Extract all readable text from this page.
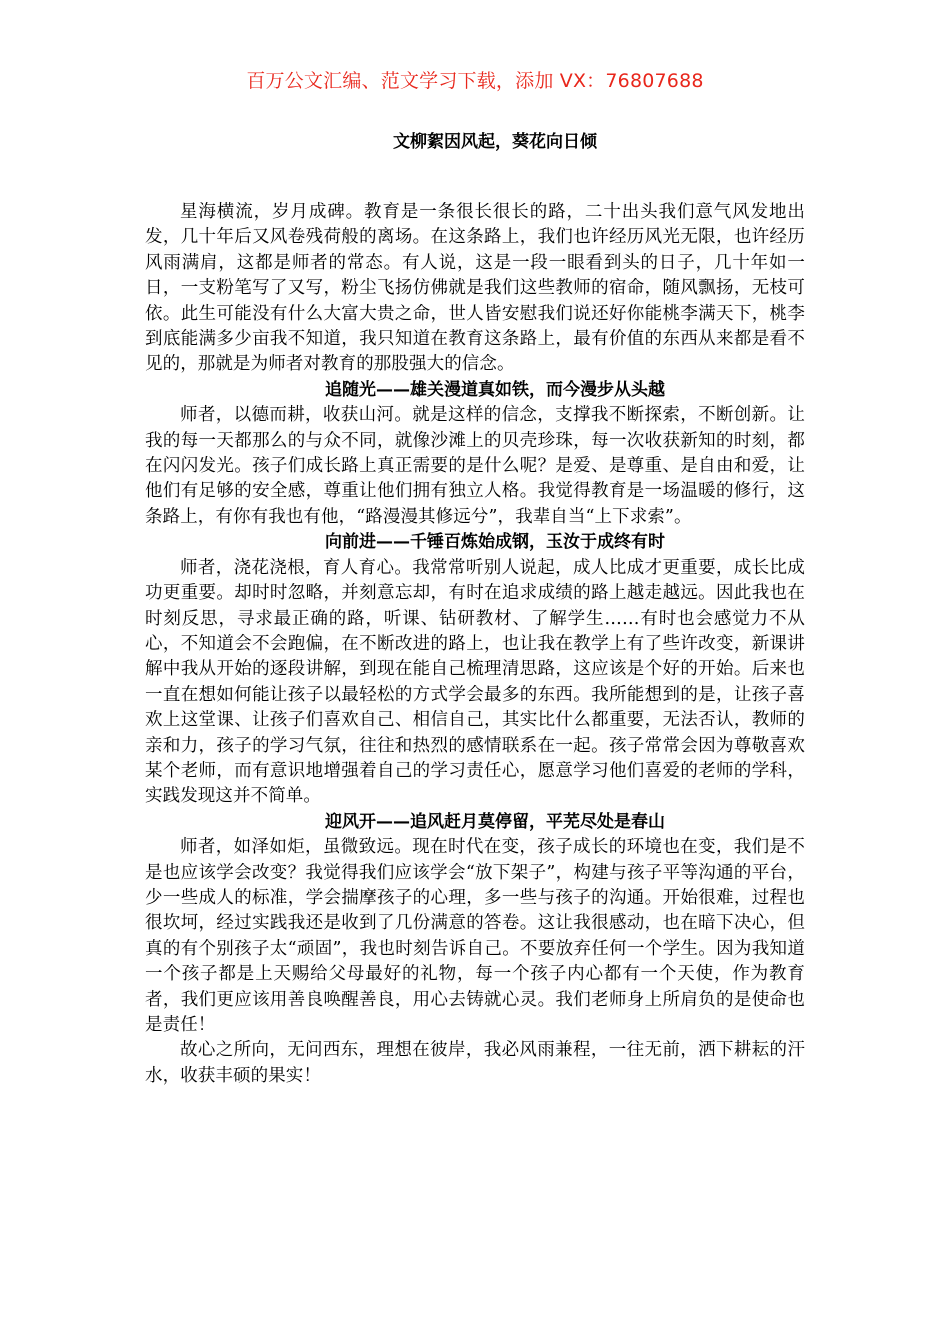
百万公文汇编、范文学习下载，添加 VX：76807688
文柳絮因风起，葵花向日倾

星海横流，岁月成碑。教育是一条很长很长的路，二十出头我们意气风发地出发，几十年后又风卷残荷般的离场。在这条路上，我们也许经历风光无限，也许经历风雨满肩，这都是师者的常态。有人说，这是一段一眼看到头的日子，几十年如一日，一支粉笔写了又写，粉尘飞扬仿佛就是我们这些教师的宿命，随风飘扬，无枝可依。此生可能没有什么大富大贵之命，世人皆安慰我们说还好你能桃李满天下，桃李到底能满多少亩我不知道，我只知道在教育这条路上，最有价值的东西从来都是看不见的，那就是为师者对教育的那股强大的信念。

追随光——雄关漫道真如铁，而今漫步从头越

师者，以德而耕，收获山河。就是这样的信念，支撑我不断探索，不断创新。让我的每一天都那么的与众不同，就像沙滩上的贝壳珍珠，每一次收获新知的时刻，都在闪闪发光。孩子们成长路上真正需要的是什么呢？是爱、是尊重、是自由和爱，让他们有足够的安全感，尊重让他们拥有独立人格。我觉得教育是一场温暖的修行，这条路上，有你有我也有他，“路漫漫其修远兮”，我辈自当“上下求索”。

向前进——千锤百炼始成钢，玉汝于成终有时

师者，浇花浇根，育人育心。我常常听别人说起，成人比成才更重要，成长比成功更重要。却时时忽略，并刻意忘却，有时在追求成绩的路上越走越远。因此我也在时刻反思，寻求最正确的路，听课、钻研教材、了解学生……有时也会感觉力不从心，不知道会不会跑偏，在不断改进的路上，也让我在教学上有了些许改变，新课讲解中我从开始的逐段讲解，到现在能自己梳理清思路，这应该是个好的开始。后来也一直在想如何能让孩子以最轻松的方式学会最多的东西。我所能想到的是，让孩子喜欢上这堂课、让孩子们喜欢自己、相信自己，其实比什么都重要，无法否认，教师的亲和力，孩子的学习气氛，往往和热烈的感情联系在一起。孩子常常会因为尊敬喜欢某个老师，而有意识地增强着自己的学习责任心，愿意学习他们喜爱的老师的学科，实践发现这并不简单。

迎风开——追风赶月莫停留，平芜尽处是春山

师者，如泽如炬，虽微致远。现在时代在变，孩子成长的环境也在变，我们是不是也应该学会改变？我觉得我们应该学会“放下架子”，构建与孩子平等沟通的平台，少一些成人的标准，学会揣摩孩子的心理，多一些与孩子的沟通。开始很难，过程也很坎坷，经过实践我还是收到了几份满意的答卷。这让我很感动，也在暗下决心，但真的有个别孩子太“顽固”，我也时刻告诉自己。不要放弃任何一个学生。因为我知道一个孩子都是上天赐给父母最好的礼物，每一个孩子内心都有一个天使，作为教育者，我们更应该用善良唤醒善良，用心去铸就心灵。我们老师身上所肩负的是使命也是责任！

故心之所向，无问西东，理想在彼岸，我必风雨兼程，一往无前，洒下耕耘的汗水，收获丰硕的果实！
